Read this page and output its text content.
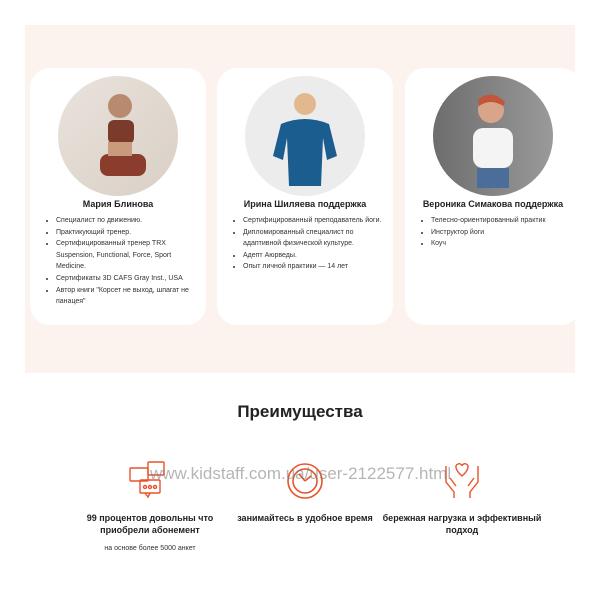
Мария Блинова
• Специалист по движению.
• Практикующий тренер.
• Сертифицированный тренер TRX Suspension, Functional, Force, Sport Medicine.
• Сертификаты 3D CAFS Gray Inst., USA
• Автор книги "Корсет не выход, шпагат не панацея"
Ирина Шиляева поддержка
• Сертифицированный преподаватель йоги.
• Дипломированный специалист по адаптивной физической культуре.
• Адепт Аюрведы.
• Опыт личной практики — 14 лет
Вероника Симакова поддержка
• Телесно-ориентированный практик
• Инструктор йоги
• Коуч
Преимущества
99 процентов довольны что приобрели абонемент
на основе более 5000 анкет
занимайтесь в удобное время	бережная нагрузка и эффективный подход
www.kidstaff.com.ua/user-2122577.html
